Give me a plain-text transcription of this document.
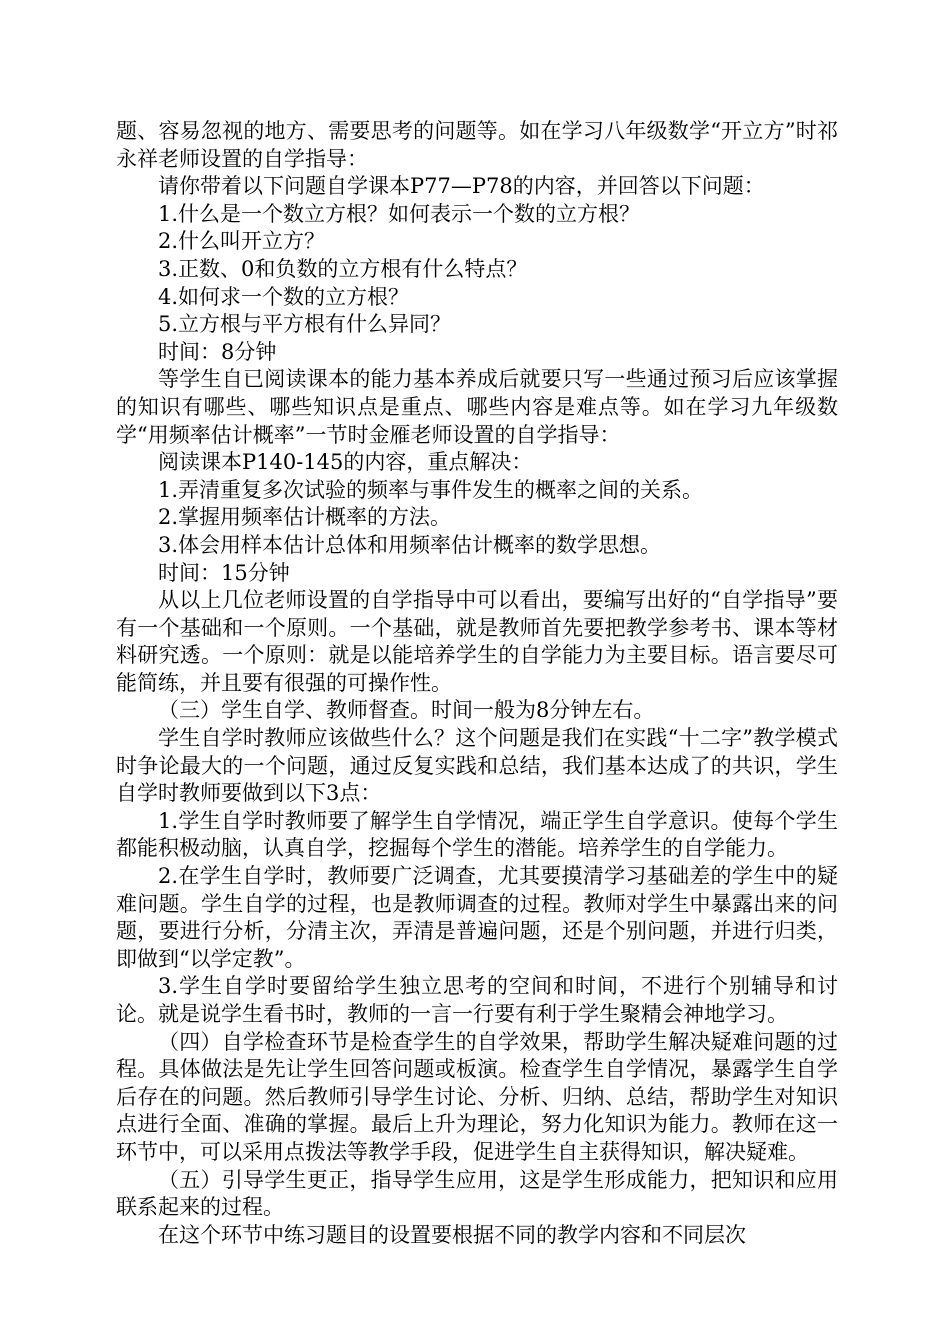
题、容易忽视的地方、需要思考的问题等。如在学习八年级数学“开立方”时祁永祥老师设置的自学指导：

请你带着以下问题自学课本P77—P78的内容，并回答以下问题：

1.什么是一个数立方根？如何表示一个数的立方根？

2.什么叫开立方？

3.正数、0和负数的立方根有什么特点？

4.如何求一个数的立方根？

5.立方根与平方根有什么异同？

时间：8分钟

等学生自已阅读课本的能力基本养成后就要只写一些通过预习后应该掌握的知识有哪些、哪些知识点是重点、哪些内容是难点等。如在学习九年级数学“用频率估计概率”一节时金雁老师设置的自学指导：

阅读课本P140-145的内容，重点解决：

1.弄清重复多次试验的频率与事件发生的概率之间的关系。

2.掌握用频率估计概率的方法。

3.体会用样本估计总体和用频率估计概率的数学思想。

时间：15分钟

从以上几位老师设置的自学指导中可以看出，要编写出好的“自学指导”要有一个基础和一个原则。一个基础，就是教师首先要把教学参考书、课本等材料研究透。一个原则：就是以能培养学生的自学能力为主要目标。语言要尽可能简练，并且要有很强的可操作性。

（三）学生自学、教师督查。时间一般为8分钟左右。

学生自学时教师应该做些什么？这个问题是我们在实践“十二字”教学模式时争论最大的一个问题，通过反复实践和总结，我们基本达成了的共识，学生自学时教师要做到以下3点：

1.学生自学时教师要了解学生自学情况，端正学生自学意识。使每个学生都能积极动脑，认真自学，挖掘每个学生的潜能。培养学生的自学能力。

2.在学生自学时，教师要广泛调查，尤其要摸清学习基础差的学生中的疑难问题。学生自学的过程，也是教师调查的过程。教师对学生中暴露出来的问题，要进行分析，分清主次，弄清是普遍问题，还是个别问题，并进行归类，即做到“以学定教”。

3.学生自学时要留给学生独立思考的空间和时间，不进行个别辅导和讨论。就是说学生看书时，教师的一言一行要有利于学生聚精会神地学习。

（四）自学检查环节是检查学生的自学效果，帮助学生解决疑难问题的过程。具体做法是先让学生回答问题或板演。检查学生自学情况，暴露学生自学后存在的问题。然后教师引导学生讨论、分析、归纳、总结，帮助学生对知识点进行全面、准确的掌握。最后上升为理论，努力化知识为能力。教师在这一环节中，可以采用点拨法等教学手段，促进学生自主获得知识，解决疑难。

（五）引导学生更正，指导学生应用，这是学生形成能力，把知识和应用联系起来的过程。

在这个环节中练习题目的设置要根据不同的教学内容和不同层次
